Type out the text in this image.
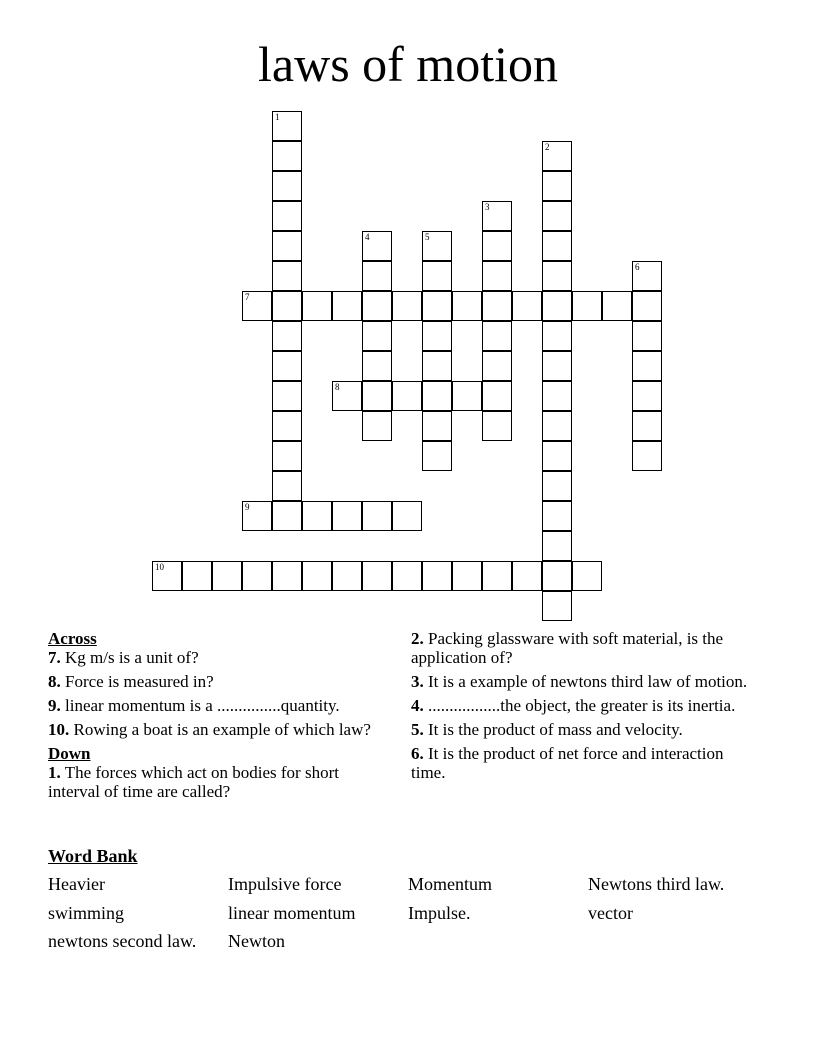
laws of motion
1
2
3
4	5
6
7
8
9
10

Across

7. Kg m/s is a unit of?

8. Force is measured in?

9. linear momentum is a ...............quantity.

10. Rowing a boat is an example of which law?

Down

1. The forces which act on bodies for short interval of time are called?

2. Packing glassware with soft material, is the application of?

3. It is a example of newtons third law of motion.

4. .................the object, the greater is its inertia.

5. It is the product of mass and velocity.

6. It is the product of net force and interaction time.

Word Bank
Heavier	Impulsive force	Momentum	Newtons third law.
swimming	linear momentum	Impulse.	vector
newtons second law. Newton
